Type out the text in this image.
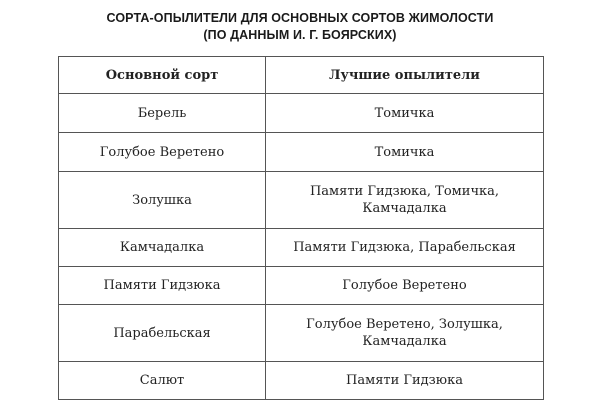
СОРТА-ОПЫЛИТЕЛИ ДЛЯ ОСНОВНЫХ СОРТОВ ЖИМОЛОСТИ
(ПО ДАННЫМ И. Г. БОЯРСКИХ)
Основной сорт	Лучшие опылители
Берель	Томичка
Голубое Веретено	Томичка
Золушка	Памяти Гидзюка, Томичка,
Камчадалка
Камчадалка	Памяти Гидзюка, Парабельская
Памяти Гидзюка	Голубое Веретено
Парабельская	Голубое Веретено, Золушка,
Камчадалка
Салют	Памяти Гидзюка
